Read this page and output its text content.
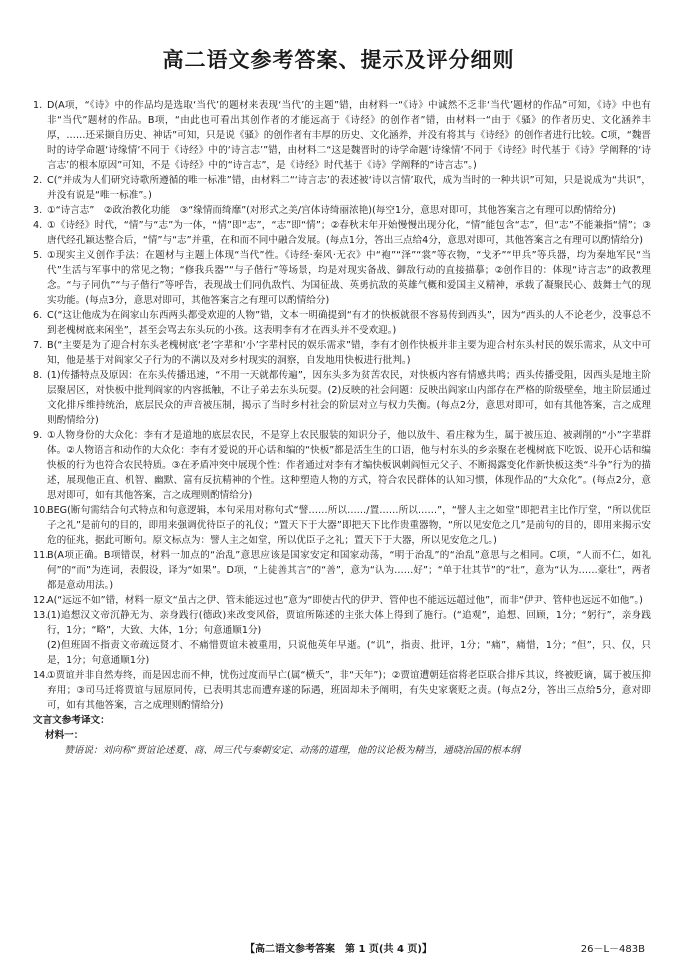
高二语文参考答案、提示及评分细则
1. D(A项，“《诗》中的作品均是选取‘当代’的题材来表现‘当代’的主题”错，由材料一“《诗》中诚然不乏非‘当代’题材的作品”可知，《诗》中也有非“当代”题材的作品。B项，“由此也可看出其创作者的才能远高于《诗经》的创作者”错，由材料一“由于《骚》的作者历史、文化涵养丰厚，……还采撷自历史、神话”可知，只是说《骚》的创作者有丰厚的历史、文化涵养，并没有将其与《诗经》的创作者进行比较。C项，“魏晋时的诗学命题‘诗缘情’不同于《诗经》中的‘诗言志’”错，由材料二“这是魏晋时的诗学命题‘诗缘情’不同于《诗经》时代基于《诗》学阐释的‘诗言志’的根本原因”可知，不是《诗经》中的“诗言志”，是《诗经》时代基于《诗》学阐释的“诗言志”。)
2. C(“并成为人们研究诗歌所遵循的唯一标准”错，由材料二“‘诗言志’的表述被‘诗以言情’取代，成为当时的一种共识”可知，只是说成为“共识”，并没有说是“唯一标准”。)
3. ①“诗言志”　②政治教化功能　③“缘情而绮靡”(对形式之美/宫体诗绮丽浓艳)(每空1分，意思对即可，其他答案言之有理可以酌情给分)
4. ①《诗经》时代，“情”与“志”为一体，“情”即“志”，“志”即“情”；②春秋末年开始慢慢出现分化，“情”能包含“志”，但“志”不能兼指“情”；③唐代经孔颖达整合后，“情”与“志”并重，在和而不同中融合发展。(每点1分，答出三点给4分，意思对即可，其他答案言之有理可以酌情给分)
5. ①现实主义创作手法：在题材与主题上体现“当代”性。《诗经·秦风·无衣》中“袍”“泽”“裳”等衣物，“戈矛”“甲兵”等兵器，均为秦地军民“当代”生活与军事中的常见之物；“修我兵器”“与子偕行”等场景，均是对现实备战、御敌行动的直接描摹；②创作目的：体现“诗言志”的政教理念。“与子同仇”“与子偕行”等呼告，表现战士们同仇敌忾、为国征战、英勇抗敌的英雄气概和爱国主义精神，承载了凝聚民心、鼓舞士气的现实功能。(每点3分，意思对即可，其他答案言之有理可以酌情给分)
6. C(“这让他成为在阎家山东西两头都受欢迎的人物”错，文本一明确提到“有才的快板就很不容易传到西头”，因为“西头的人不论老少，没事总不到老槐树底来闲坐”，甚至会骂去东头玩的小孩。这表明李有才在西头并不受欢迎。)
7. B(“主要是为了迎合村东头老槐树底‘老’字辈和‘小’字辈村民的娱乐需求”错，李有才创作快板并非主要为迎合村东头村民的娱乐需求，从文中可知，他是基于对阎家父子行为的不满以及对乡村现实的洞察，自发地用快板进行批判。)
8. (1)传播特点及原因：在东头传播迅速，“不用一天就都传遍”，因东头多为贫苦农民，对快板内容有情感共鸣；西头传播受阻，因西头是地主阶层聚居区，对快板中批判阎家的内容抵触，不让子弟去东头玩耍。(2)反映的社会问题：反映出阎家山内部存在严格的阶级壁垒，地主阶层通过文化排斥维持统治，底层民众的声音被压制，揭示了当时乡村社会的阶层对立与权力失衡。(每点2分，意思对即可，如有其他答案，言之成理则酌情给分)
9. ①人物身份的大众化：李有才是道地的底层农民，不是穿上农民服装的知识分子，他以放牛、看庄稼为生，属于被压迫、被剥削的“小”字辈群体。②人物语言和动作的大众化：李有才爱说的开心话和编的“快板”都是活生生的口语，他与村东头的乡亲聚在老槐树底下吃饭、说开心话和编快板的行为也符合农民特质。③在矛盾冲突中展现个性：作者通过对李有才编快板讽刺阎恒元父子、不断揭露变化作新快板这类“斗争”行为的描述，展现他正直、机智、幽默、富有反抗精神的个性。这种塑造人物的方式，符合农民群体的认知习惯，体现作品的“大众化”。(每点2分，意思对即可，如有其他答案，言之成理则酌情给分)
10.
BEG(断句需结合句式特点和句意逻辑，本句采用对称句式“譬……所以……/置……所以……”，“譬人主之如堂”即把君主比作厅堂，“所以优臣子之礼”是前句的目的，即用来强调优待臣子的礼仪；“置天下于大器”即把天下比作贵重器物，“所以见安危之几”是前句的目的，即用来揭示安危的征兆，据此可断句。原文标点为：譬人主之如堂，所以优臣子之礼；置天下于大器，所以见安危之几。)
11.
B(A项正确。B项错误，材料一加点的“治乱”意思应该是国家安定和国家动荡，“明于治乱”的“治乱”意思与之相同。C项，“人而不仁，如礼何”的“而”为连词，表假设，译为“如果”。D项，“上徒善其言”的“善”，意为“认为……好”；“单于壮其节”的“壮”，意为“认为……豪壮”，两者都是意动用法。)
12.
A(“远远不如”错，材料一原文“虽古之伊、管未能远过也”意为“即使古代的伊尹、管仲也不能远远超过他”，而非“伊尹、管仲也远远不如他”。)
13.
(1)追想汉文帝沉静无为、亲身践行(德政)来改变风俗，贾谊所陈述的主张大体上得到了施行。(“追观”，追想、回顾，1分；“躬行”，亲身践行，1分；“略”，大致、大体，1分；句意通顺1分)
(2)但班固不指责文帝疏远贤才、不痛惜贾谊未被重用，只说他英年早逝。(“讥”，指责、批评，1分；“痛”，痛惜，1分；“但”，只、仅，只是，1分；句意通顺1分)
14.
①贾谊并非自然寿终，而是因忠而不伸，忧伤过度而早亡(属“横夭”，非“天年”)；②贾谊遭朝廷宿将老臣联合排斥其议，终被贬谪，属于被压抑弃用；③司马迁将贾谊与屈原同传，已表明其忠而遭弃遂的际遇，班固却未予阐明，有失史家褒贬之责。(每点2分，答出三点给5分，意对即可，如有其他答案，言之成理则酌情给分)
文言文参考译文：
材料一：
赞语说：刘向称“贾谊论述夏、商、周三代与秦朝安定、动荡的道理，他的议论极为精当，通晓治国的根本纲
【高二语文参考答案　第 1 页(共 4 页)】	26－L－483B
